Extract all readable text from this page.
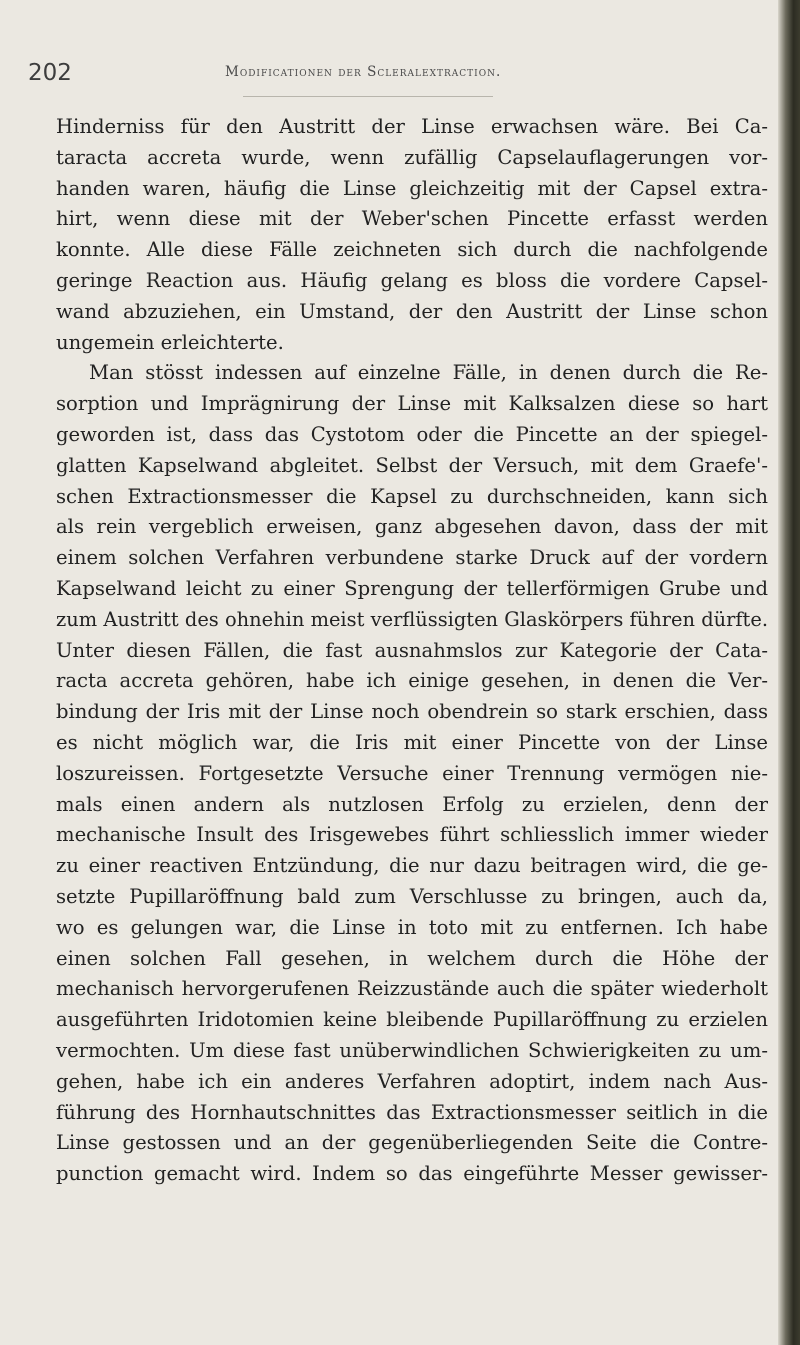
202	Modificationen der Scleralextraction.
Hinderniss für den Austritt der Linse erwachsen wäre. Bei Ca-
taracta accreta wurde, wenn zufällig Capselauflagerungen vor-
handen waren, häufig die Linse gleichzeitig mit der Capsel extra-
hirt, wenn diese mit der Weber'schen Pincette erfasst werden
konnte. Alle diese Fälle zeichneten sich durch die nachfolgende
geringe Reaction aus. Häufig gelang es bloss die vordere Capsel-
wand abzuziehen, ein Umstand, der den Austritt der Linse schon
ungemein erleichterte.
Man stösst indessen auf einzelne Fälle, in denen durch die Re-
sorption und Imprägnirung der Linse mit Kalksalzen diese so hart
geworden ist, dass das Cystotom oder die Pincette an der spiegel-
glatten Kapselwand abgleitet. Selbst der Versuch, mit dem Graefe'-
schen Extractionsmesser die Kapsel zu durchschneiden, kann sich
als rein vergeblich erweisen, ganz abgesehen davon, dass der mit
einem solchen Verfahren verbundene starke Druck auf der vordern
Kapselwand leicht zu einer Sprengung der tellerförmigen Grube und
zum Austritt des ohnehin meist verflüssigten Glaskörpers führen dürfte.
Unter diesen Fällen, die fast ausnahmslos zur Kategorie der Cata-
racta accreta gehören, habe ich einige gesehen, in denen die Ver-
bindung der Iris mit der Linse noch obendrein so stark erschien, dass
es nicht möglich war, die Iris mit einer Pincette von der Linse
loszureissen. Fortgesetzte Versuche einer Trennung vermögen nie-
mals einen andern als nutzlosen Erfolg zu erzielen, denn der
mechanische Insult des Irisgewebes führt schliesslich immer wieder
zu einer reactiven Entzündung, die nur dazu beitragen wird, die ge-
setzte Pupillaröffnung bald zum Verschlusse zu bringen, auch da,
wo es gelungen war, die Linse in toto mit zu entfernen. Ich habe
einen solchen Fall gesehen, in welchem durch die Höhe der
mechanisch hervorgerufenen Reizzustände auch die später wiederholt
ausgeführten Iridotomien keine bleibende Pupillaröffnung zu erzielen
vermochten. Um diese fast unüberwindlichen Schwierigkeiten zu um-
gehen, habe ich ein anderes Verfahren adoptirt, indem nach Aus-
führung des Hornhautschnittes das Extractionsmesser seitlich in die
Linse gestossen und an der gegenüberliegenden Seite die Contre-
punction gemacht wird. Indem so das eingeführte Messer gewisser-
